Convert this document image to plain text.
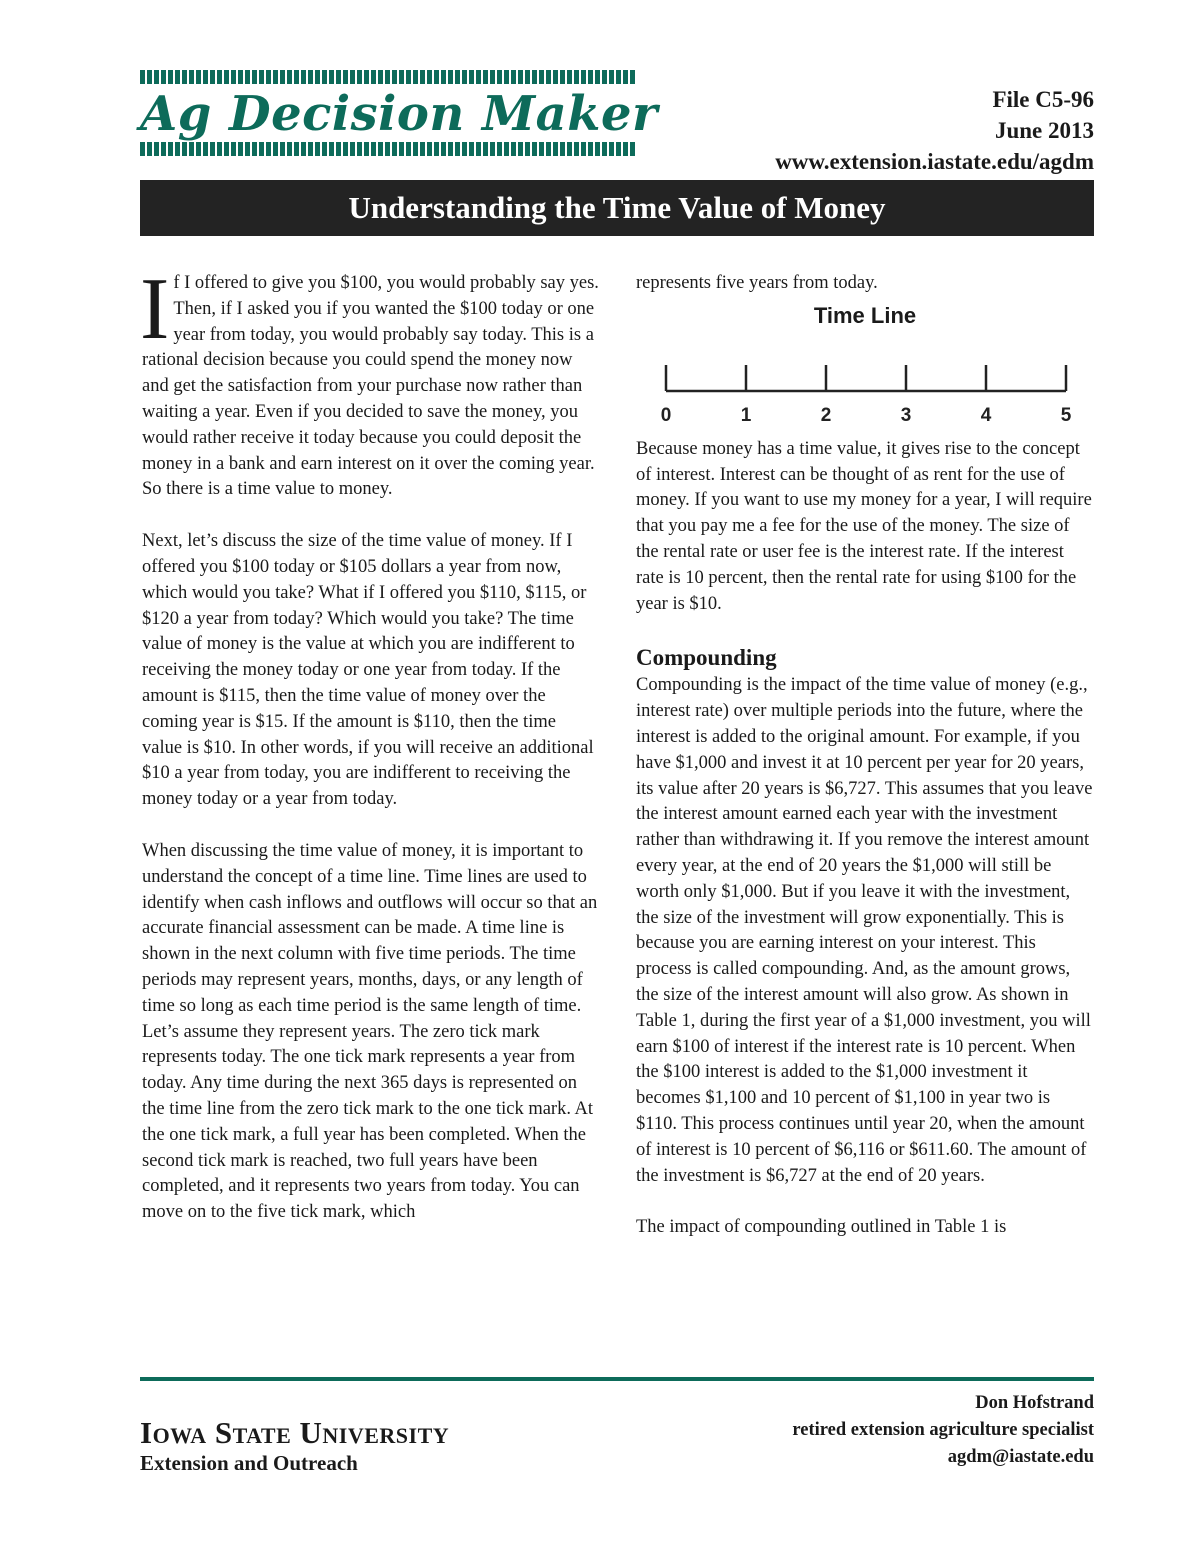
Ag Decision Maker	File C5-96
June 2013
www.extension.iastate.edu/agdm
Understanding the Time Value of Money

If I offered to give you $100, you would probably say yes. Then, if I asked you if you wanted the $100 today or one year from today, you would probably say today. This is a rational decision because you could spend the money now and get the satisfaction from your purchase now rather than waiting a year. Even if you decided to save the money, you would rather receive it today because you could deposit the money in a bank and earn interest on it over the coming year. So there is a time value to money.

Next, let’s discuss the size of the time value of money. If I offered you $100 today or $105 dollars a year from now, which would you take? What if I offered you $110, $115, or $120 a year from today? Which would you take? The time value of money is the value at which you are indifferent to receiving the money today or one year from today. If the amount is $115, then the time value of money over the coming year is $15. If the amount is $110, then the time value is $10. In other words, if you will receive an additional $10 a year from today, you are indifferent to receiving the money today or a year from today.

When discussing the time value of money, it is important to understand the concept of a time line. Time lines are used to identify when cash inflows and outflows will occur so that an accurate financial assessment can be made. A time line is shown in the next column with five time periods. The time periods may represent years, months, days, or any length of time so long as each time period is the same length of time. Let’s assume they represent years. The zero tick mark represents today. The one tick mark represents a year from today. Any time during the next 365 days is represented on the time line from the zero tick mark to the one tick mark. At the one tick mark, a full year has been completed. When the second tick mark is reached, two full years have been completed, and it represents two years from today. You can move on to the five tick mark, which

represents five years from today.

Time Line
0	1	2	3	4	5

Because money has a time value, it gives rise to the concept of interest. Interest can be thought of as rent for the use of money. If you want to use my money for a year, I will require that you pay me a fee for the use of the money. The size of the rental rate or user fee is the interest rate. If the interest rate is 10 percent, then the rental rate for using $100 for the year is $10.

Compounding

Compounding is the impact of the time value of money (e.g., interest rate) over multiple periods into the future, where the interest is added to the original amount. For example, if you have $1,000 and invest it at 10 percent per year for 20 years, its value after 20 years is $6,727. This assumes that you leave the interest amount earned each year with the investment rather than withdrawing it. If you remove the interest amount every year, at the end of 20 years the $1,000 will still be worth only $1,000. But if you leave it with the investment, the size of the investment will grow exponentially. This is because you are earning interest on your interest. This process is called compounding. And, as the amount grows, the size of the interest amount will also grow. As shown in Table 1, during the first year of a $1,000 investment, you will earn $100 of interest if the interest rate is 10 percent. When the $100 interest is added to the $1,000 investment it becomes $1,100 and 10 percent of $1,100 in year two is $110. This process continues until year 20, when the amount of interest is 10 percent of $6,116 or $611.60. The amount of the investment is $6,727 at the end of 20 years.

The impact of compounding outlined in Table 1 is

Iowa State University
Extension and Outreach
Don Hofstrand
retired extension agriculture specialist
agdm@iastate.edu
